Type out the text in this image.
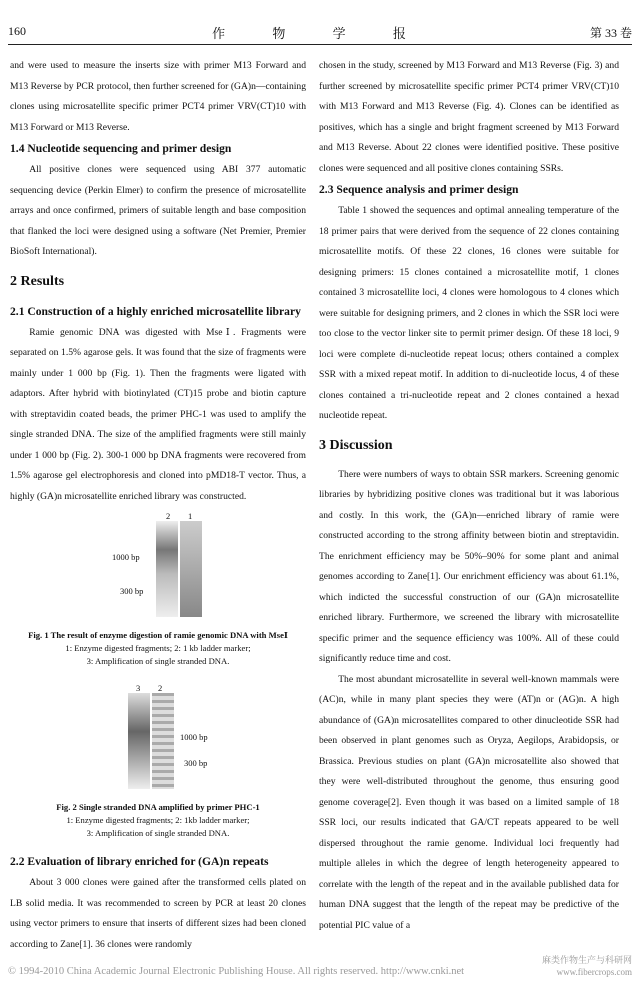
160	作 物 学 报	第 33 卷

and were used to measure the inserts size with primer M13 Forward and M13 Reverse by PCR protocol, then further screened for (GA)n—containing clones using microsatellite specific primer PCT4 primer VRV(CT)10 with M13 Forward or M13 Reverse.

1.4 Nucleotide sequencing and primer design

All positive clones were sequenced using ABI 377 automatic sequencing device (Perkin Elmer) to confirm the presence of microsatellite arrays and once confirmed, primers of suitable length and base composition that flanked the loci were designed using a software (Net Premier, Premier BioSoft International).

2 Results
2.1 Construction of a highly enriched microsatellite library

Ramie genomic DNA was digested with MseⅠ. Fragments were separated on 1.5% agarose gels. It was found that the size of fragments were mainly under 1 000 bp (Fig. 1). Then the fragments were ligated with adaptors. After hybrid with biotinylated (CT)15 probe and biotin capture with streptavidin coated beads, the primer PHC-1 was used to amplify the single stranded DNA. The size of the amplified fragments were still mainly under 1 000 bp (Fig. 2). 300-1 000 bp DNA fragments were recovered from 1.5% agarose gel electrophoresis and cloned into pMD18-T vector. Thus, a highly (GA)n microsatellite enriched library was constructed.

2 1
1000 bp
300 bp
Fig. 1 The result of enzyme digestion of ramie genomic DNA with MseⅠ
1: Enzyme digested fragments; 2: 1 kb ladder marker;
3: Amplification of single stranded DNA.
3 2
1000 bp
300 bp
Fig. 2 Single stranded DNA amplified by primer PHC-1
1: Enzyme digested fragments; 2: 1kb ladder marker;
3: Amplification of single stranded DNA.
2.2 Evaluation of library enriched for (GA)n repeats

About 3 000 clones were gained after the transformed cells plated on LB solid media. It was recommended to screen by PCR at least 20 clones using vector primers to ensure that inserts of different sizes had been cloned according to Zane[1]. 36 clones were randomly

chosen in the study, screened by M13 Forward and M13 Reverse (Fig. 3) and further screened by microsatellite specific primer PCT4 primer VRV(CT)10 with M13 Forward and M13 Reverse (Fig. 4). Clones can be identified as positives, which has a single and bright fragment screened by M13 Forward and M13 Reverse. About 22 clones were identified positive. These positive clones were sequenced and all positive clones containing SSRs.

2.3 Sequence analysis and primer design

Table 1 showed the sequences and optimal annealing temperature of the 18 primer pairs that were derived from the sequence of 22 clones containing microsatellite motifs. Of these 22 clones, 16 clones were suitable for designing primers: 15 clones contained a microsatellite motif, 1 clones contained 3 microsatellite loci, 4 clones were homologous to 4 clones which were suitable for designing primers, and 2 clones in which the SSR loci were too close to the vector linker site to permit primer design. Of these 18 loci, 9 loci were complete di-nucleotide repeat locus; others contained a complex SSR with a mixed repeat motif. In addition to di-nucleotide locus, 4 of these clones contained a tri-nucleotide repeat and 2 clones contained a hexad nucleotide repeat.

3 Discussion

There were numbers of ways to obtain SSR markers. Screening genomic libraries by hybridizing positive clones was traditional but it was laborious and costly. In this work, the (GA)n—enriched library of ramie were constructed according to the strong affinity between biotin and streptavidin. The enrichment efficiency may be 50%–90% for some plant and animal genomes according to Zane[1]. Our enrichment efficiency was about 61.1%, which indicted the successful construction of our (GA)n microsatellite enriched library. Furthermore, we screened the library with microsatellite specific primer and the sequence efficiency was 100%. All of these could significantly reduce time and cost.

The most abundant microsatellite in several well-known mammals were (AC)n, while in many plant species they were (AT)n or (AG)n. A high abundance of (GA)n microsatellites compared to other dinucleotide SSR had been observed in plant genomes such as Oryza, Aegilops, Arabidopsis, or Brassica. Previous studies on plant (GA)n microsatellite also showed that they were well-distributed throughout the genome, thus ensuring good genome coverage[2]. Even though it was based on a limited sample of 18 SSR loci, our results indicated that GA/CT repeats appeared to be well dispersed throughout the ramie genome. Individual loci frequently had multiple alleles in which the degree of length heterogeneity appeared to correlate with the length of the repeat and in the available published data for human DNA suggest that the length of the repeat may be predictive of the potential PIC value of a

© 1994-2010 China Academic Journal Electronic Publishing House. All rights reserved. http://www.cnki.net
麻类作物生产与科研网
www.fibercrops.com
